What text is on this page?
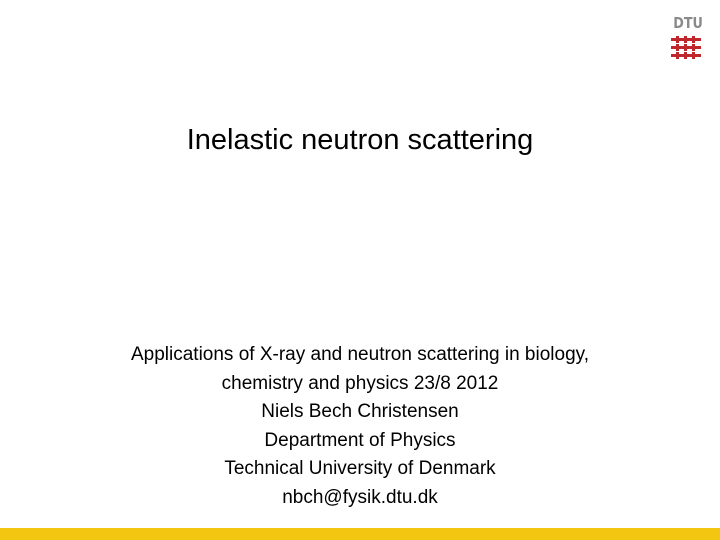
DTU
Inelastic neutron scattering
Applications of X-ray and neutron scattering in biology,
chemistry and physics 23/8 2012
Niels Bech Christensen
Department of Physics
Technical University of Denmark
nbch@fysik.dtu.dk
